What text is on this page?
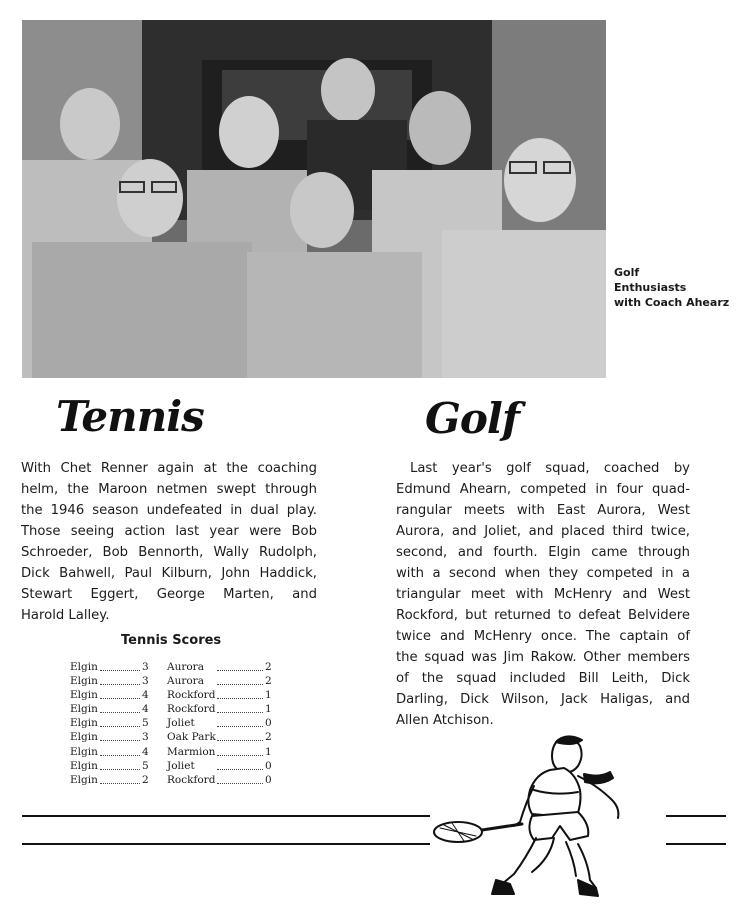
Golf
Enthusiasts
with Coach Ahearz
Tennis	Golf
With Chet Renner again at the coaching
helm, the Maroon netmen swept through
the 1946 season undefeated in dual play.
Those seeing action last year were Bob
Schroeder, Bob Bennorth, Wally Rudolph,
Dick Bahwell, Paul Kilburn, John Haddick,
Stewart Eggert, George Marten, and
Harold Lalley.
Tennis Scores
Elgin	3 Aurora	2
Elgin	3 Aurora	2
Elgin	4 Rockford	1
Elgin	4 Rockford	1
Elgin	5 Joliet	0
Elgin	3 Oak Park	2
Elgin	4 Marmion	1
Elgin	5 Joliet	0
Elgin	2 Rockford	0
Last year's golf squad, coached by
Edmund Ahearn, competed in four quad-
rangular meets with East Aurora, West
Aurora, and Joliet, and placed third twice,
second, and fourth. Elgin came through
with a second when they competed in a
triangular meet with McHenry and West
Rockford, but returned to defeat Belvidere
twice and McHenry once. The captain of
the squad was Jim Rakow. Other members
of the squad included Bill Leith, Dick
Darling, Dick Wilson, Jack Haligas, and
Allen Atchison.
